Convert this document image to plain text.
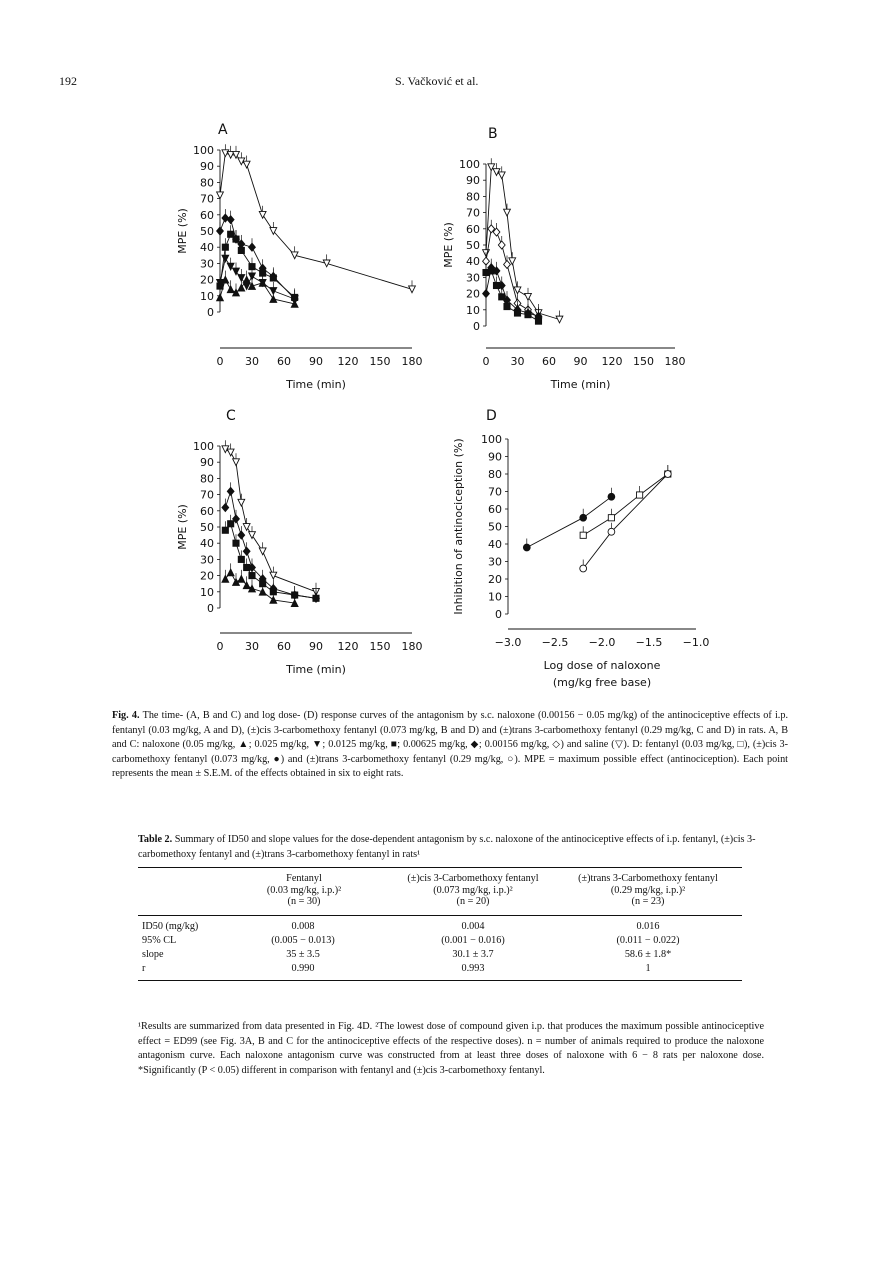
192	S. Vačković et al.
A
100
90
80
70
60
50
40
30
20
10
0
MPE (%)
0 30 60 90 120 150 180
Time (min)
B
100
90
80
70
60
50
40
30
20
10
0
MPE (%)
0 30 60 90 120 150 180
Time (min)
C
100
90
80
70
60
50
40
30
20
10
0
MPE (%)
0 30 60 90 120 150 180
Time (min)
D
100
90
80
70
60
50
40
30
20
10
0
Inhibition of antinociception (%)
−3.0 −2.5 −2.0 −1.5 −1.0
Log dose of naloxone
(mg/kg free base)
Fig. 4. The time- (A, B and C) and log dose- (D) response curves of the antagonism by s.c. naloxone (0.00156 − 0.05 mg/kg) of the antinociceptive effects of i.p. fentanyl (0.03 mg/kg, A and D), (±)cis 3-carbomethoxy fentanyl (0.073 mg/kg, B and D) and (±)trans 3-carbomethoxy fentanyl (0.29 mg/kg, C and D) in rats. A, B and C: naloxone (0.05 mg/kg, ▲; 0.025 mg/kg, ▼; 0.0125 mg/kg, ■; 0.00625 mg/kg, ◆; 0.00156 mg/kg, ◇) and saline (▽). D: fentanyl (0.03 mg/kg, □), (±)cis 3-carbomethoxy fentanyl (0.073 mg/kg, ●) and (±)trans 3-carbomethoxy fentanyl (0.29 mg/kg, ○). MPE = maximum possible effect (antinociception). Each point represents the mean ± S.E.M. of the effects obtained in six to eight rats.
Table 2. Summary of ID50 and slope values for the dose-dependent antagonism by s.c. naloxone of the antinociceptive effects of i.p. fentanyl, (±)cis 3-carbomethoxy fentanyl and (±)trans 3-carbomethoxy fentanyl in rats¹
Fentanyl
(0.03 mg/kg, i.p.)²
(n = 30)
(±)cis 3-Carbomethoxy fentanyl
(0.073 mg/kg, i.p.)²
(n = 20)
(±)trans 3-Carbomethoxy fentanyl
(0.29 mg/kg, i.p.)²
(n = 23)
ID50 (mg/kg)	0.008	0.004	0.016
95% CL	(0.005 − 0.013)	(0.001 − 0.016)	(0.011 − 0.022)
slope	35 ± 3.5	30.1 ± 3.7	58.6 ± 1.8*
r	0.990	0.993	1
¹Results are summarized from data presented in Fig. 4D. ²The lowest dose of compound given i.p. that produces the maximum possible antinociceptive effect = ED99 (see Fig. 3A, B and C for the antinociceptive effects of the respective doses). n = number of animals required to produce the naloxone antagonism curve. Each naloxone antagonism curve was constructed from at least three doses of naloxone with 6 − 8 rats per naloxone dose. *Significantly (P < 0.05) different in comparison with fentanyl and (±)cis 3-carbomethoxy fentanyl.
